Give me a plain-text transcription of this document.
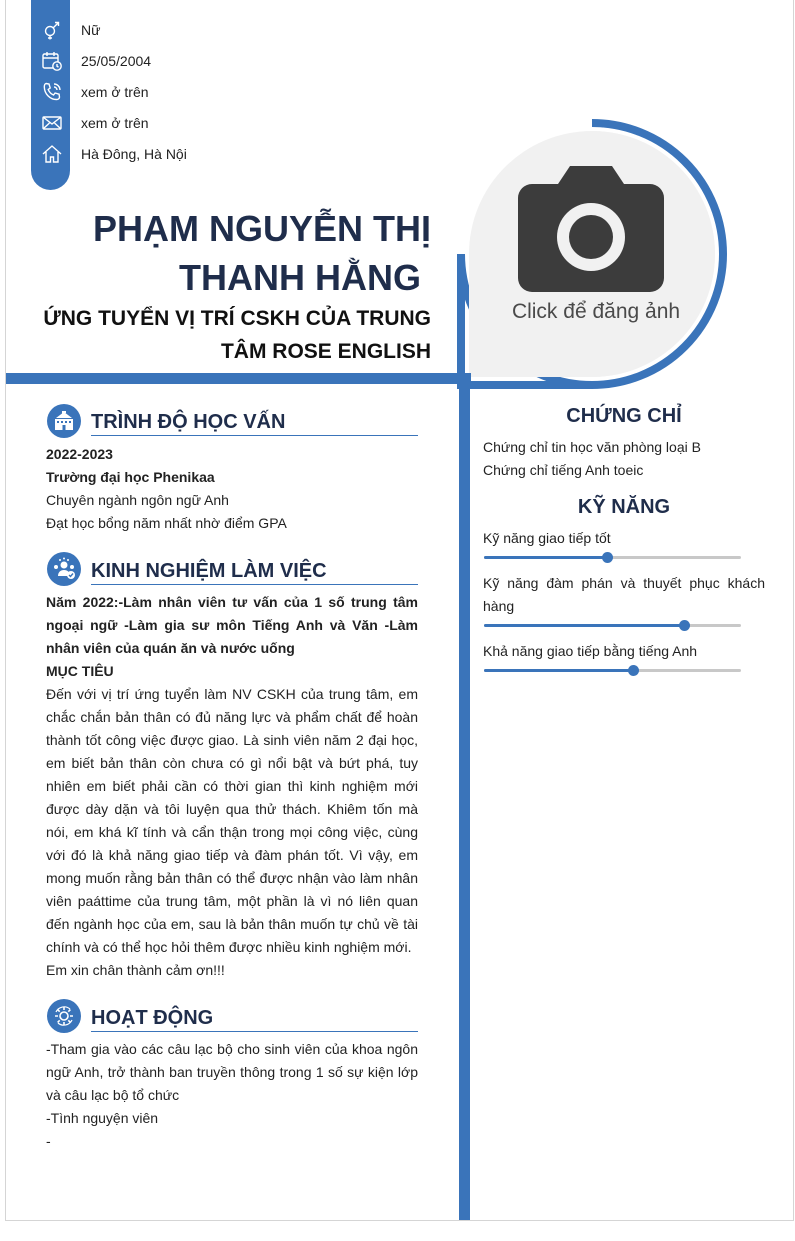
Nữ
25/05/2004
xem ở trên
xem ở trên
Hà Đông, Hà Nội
PHẠM NGUYỄN THỊ
THANH HẰNG
ỨNG TUYỂN VỊ TRÍ CSKH CỦA TRUNG
TÂM ROSE ENGLISH
Click để đăng ảnh
TRÌNH ĐỘ HỌC VẤN
2022-2023
Trường đại học Phenikaa
Chuyên ngành ngôn ngữ Anh
Đạt học bổng năm nhất nhờ điểm GPA
KINH NGHIỆM LÀM VIỆC
Năm 2022:-Làm nhân viên tư vấn của 1 số trung tâm ngoại ngữ -Làm gia sư môn Tiếng Anh và Văn -Làm nhân viên của quán ăn và nước uống
MỤC TIÊU
Đến với vị trí ứng tuyển làm NV CSKH của trung tâm, em chắc chắn bản thân có đủ năng lực và phẩm chất để hoàn thành tốt công việc được giao. Là sinh viên năm 2 đại học, em biết bản thân còn chưa có gì nổi bật và bứt phá, tuy nhiên em biết phải cần có thời gian thì kinh nghiệm mới được dày dặn và tôi luyện qua thử thách. Khiêm tốn mà nói, em khá kĩ tính và cẩn thận trong mọi công việc, cùng với đó là khả năng giao tiếp và đàm phán tốt. Vì vậy, em mong muốn rằng bản thân có thể được nhận vào làm nhân viên paáttime của trung tâm, một phần là vì nó liên quan đến ngành học của em, sau là bản thân muốn tự chủ về tài chính và có thể học hỏi thêm được nhiều kinh nghiệm mới.
Em xin chân thành cảm ơn!!!
HOẠT ĐỘNG
-Tham gia vào các câu lạc bộ cho sinh viên của khoa ngôn ngữ Anh, trở thành ban truyền thông trong 1 số sự kiện lớp và câu lạc bộ tổ chức
-Tình nguyện viên
-
CHỨNG CHỈ
Chứng chỉ tin học văn phòng loại B
Chứng chỉ tiếng Anh toeic
KỸ NĂNG
Kỹ năng giao tiếp tốt
Kỹ năng đàm phán và thuyết phục khách hàng
Khả năng giao tiếp bằng tiếng Anh
